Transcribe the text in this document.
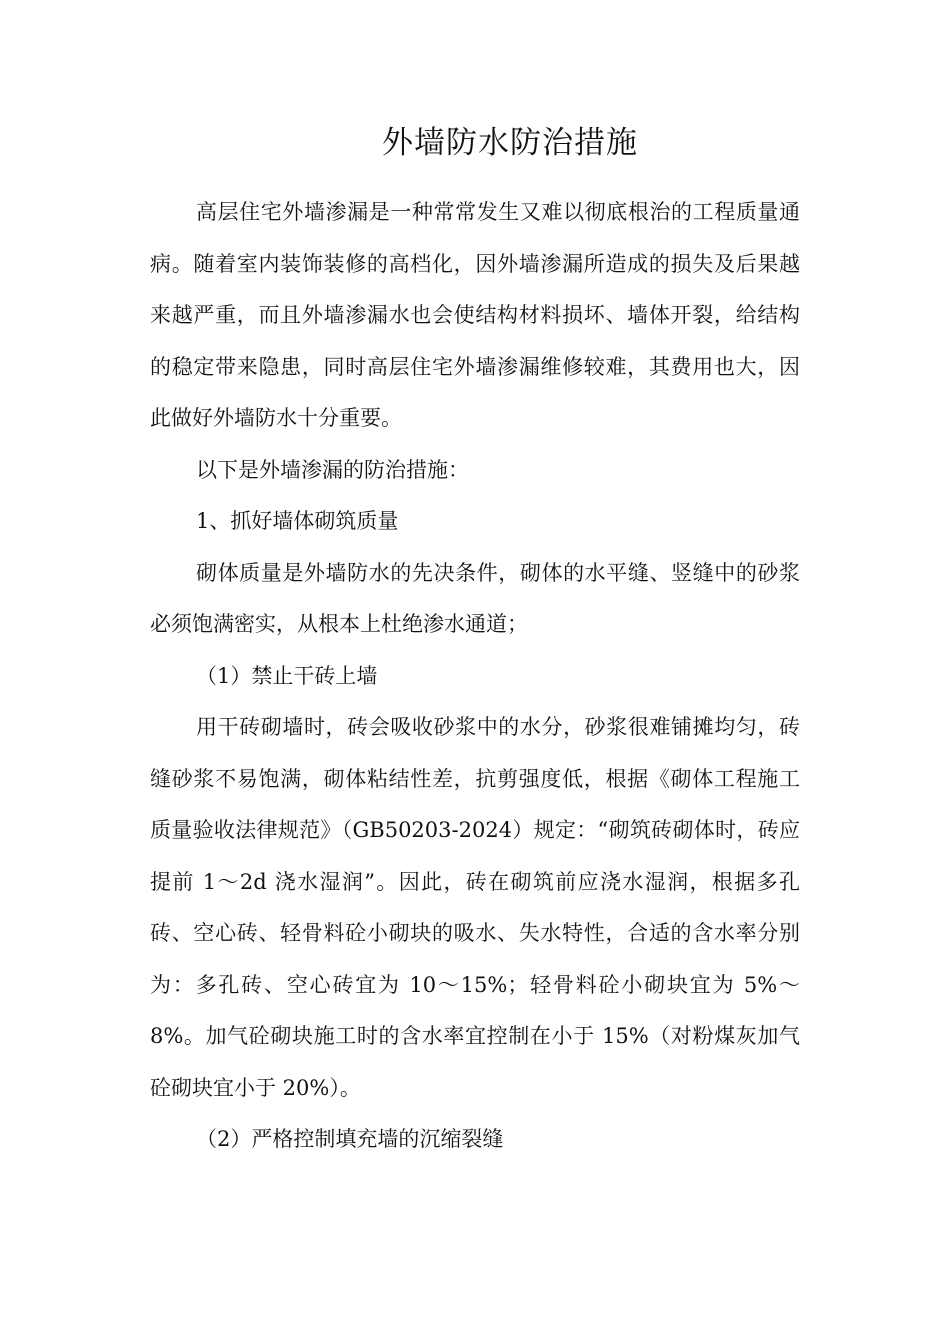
外墙防水防治措施

高层住宅外墙渗漏是一种常常发生又难以彻底根治的工程质量通病。随着室内装饰装修的高档化，因外墙渗漏所造成的损失及后果越来越严重，而且外墙渗漏水也会使结构材料损坏、墙体开裂，给结构的稳定带来隐患，同时高层住宅外墙渗漏维修较难，其费用也大，因此做好外墙防水十分重要。

以下是外墙渗漏的防治措施：

1、抓好墙体砌筑质量

砌体质量是外墙防水的先决条件，砌体的水平缝、竖缝中的砂浆必须饱满密实，从根本上杜绝渗水通道；

（1）禁止干砖上墙

用干砖砌墙时，砖会吸收砂浆中的水分，砂浆很难铺摊均匀，砖缝砂浆不易饱满，砌体粘结性差，抗剪强度低，根据《砌体工程施工质量验收法律规范》（GB50203-2024）规定：“砌筑砖砌体时，砖应提前 1～2d 浇水湿润”。因此，砖在砌筑前应浇水湿润，根据多孔砖、空心砖、轻骨料砼小砌块的吸水、失水特性，合适的含水率分别为：多孔砖、空心砖宜为 10～15%；轻骨料砼小砌块宜为 5%～8%。加气砼砌块施工时的含水率宜控制在小于 15%（对粉煤灰加气砼砌块宜小于 20%）。

（2）严格控制填充墙的沉缩裂缝
